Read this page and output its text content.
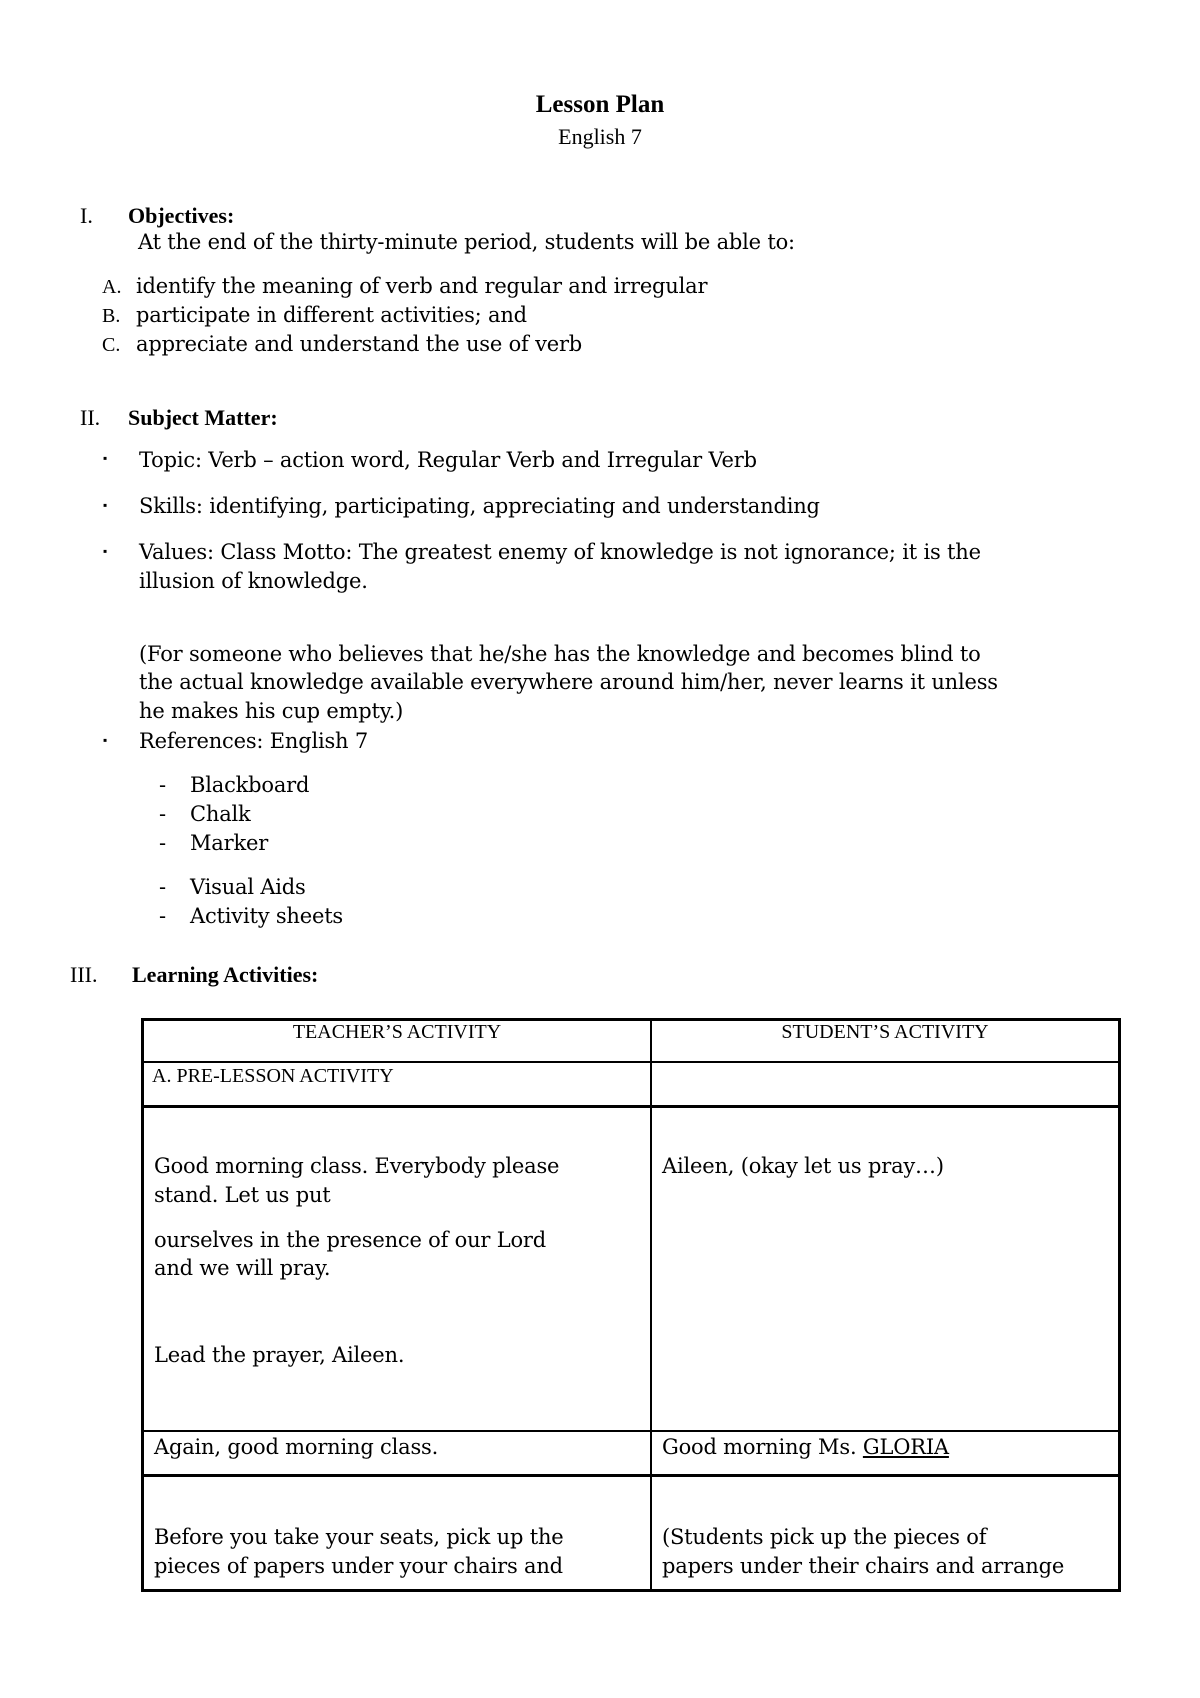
Lesson Plan
English 7
I. Objectives:
At the end of the thirty-minute period, students will be able to:
A. identify the meaning of verb and regular and irregular
B. participate in different activities; and
C. appreciate and understand the use of verb
II. Subject Matter:
▪ Topic: Verb – action word, Regular Verb and Irregular Verb
▪ Skills: identifying, participating, appreciating and understanding
▪ Values: Class Motto: The greatest enemy of knowledge is not ignorance; it is the
illusion of knowledge.
(For someone who believes that he/she has the knowledge and becomes blind to
the actual knowledge available everywhere around him/her, never learns it unless
he makes his cup empty.)
▪ References: English 7
- Blackboard
- Chalk
- Marker
- Visual Aids
- Activity sheets
III. Learning Activities:
TEACHER’S ACTIVITY	STUDENT’S ACTIVITY
A. PRE-LESSON ACTIVITY
Good morning class. Everybody please
stand. Let us put
ourselves in the presence of our Lord
and we will pray.
Lead the prayer, Aileen.
Aileen, (okay let us pray…)
Again, good morning class.	Good morning Ms. GLORIA
Before you take your seats, pick up the
pieces of papers under your chairs and
(Students pick up the pieces of
papers under their chairs and arrange
